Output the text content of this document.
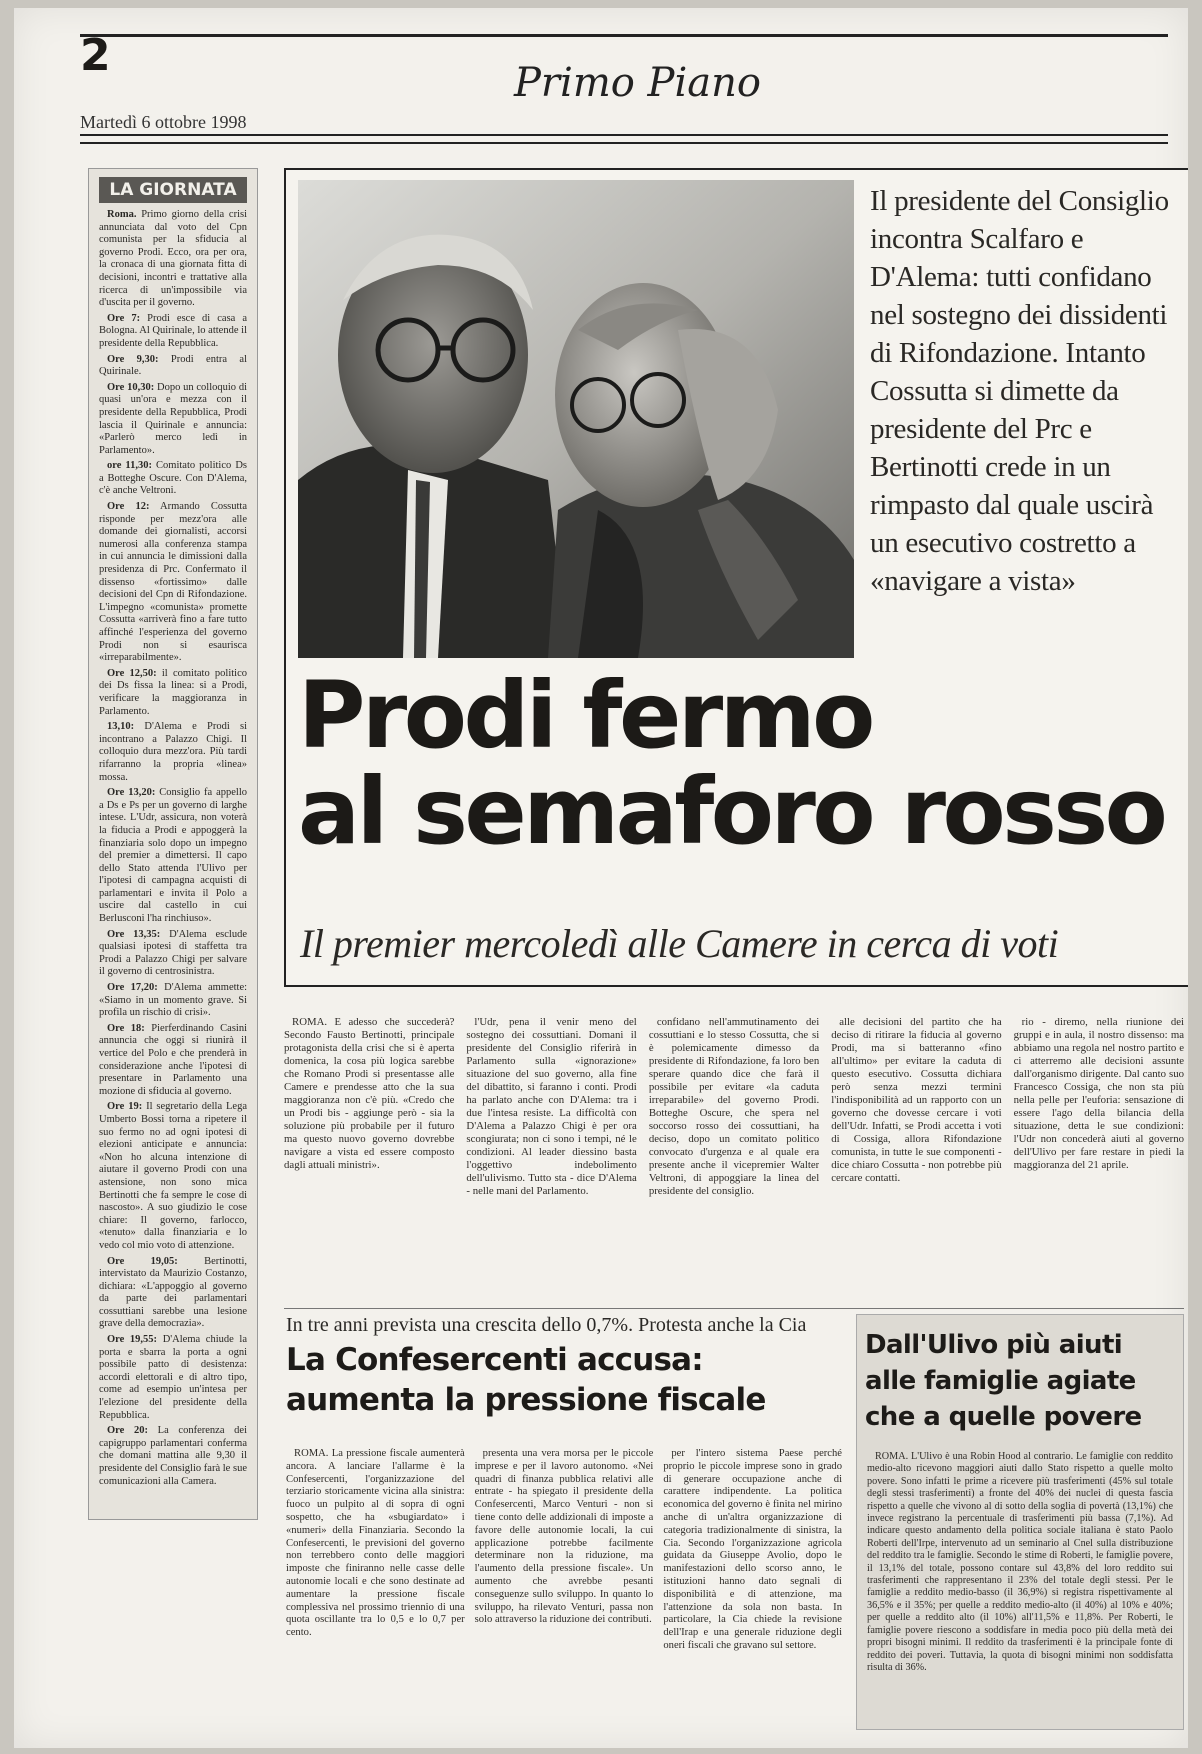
2
Primo Piano
Martedì 6 ottobre 1998
LA GIORNATA

Roma. Primo giorno della crisi annunciata dal voto del Cpn comunista per la sfiducia al governo Prodi. Ecco, ora per ora, la cronaca di una giornata fitta di decisioni, incontri e trattative alla ricerca di un'impossibile via d'uscita per il governo.

Ore 7: Prodi esce di casa a Bologna. Al Quirinale, lo attende il presidente della Repubblica.

Ore 9,30: Prodi entra al Quirinale.

Ore 10,30: Dopo un colloquio di quasi un'ora e mezza con il presidente della Repubblica, Prodi lascia il Quirinale e annuncia: «Parlerò merco ledì in Parlamento».

ore 11,30: Comitato politico Ds a Botteghe Oscure. Con D'Alema, c'è anche Veltroni.

Ore 12: Armando Cossutta risponde per mezz'ora alle domande dei giornalisti, accorsi numerosi alla conferenza stampa in cui annuncia le dimissioni dalla presidenza di Prc. Confermato il dissenso «fortissimo» dalle decisioni del Cpn di Rifondazione. L'impegno «comunista» promette Cossutta «arriverà fino a fare tutto affinché l'esperienza del governo Prodi non si esaurisca «irreparabilmente».

Ore 12,50: il comitato politico dei Ds fissa la linea: si a Prodi, verificare la maggioranza in Parlamento.

13,10: D'Alema e Prodi si incontrano a Palazzo Chigi. Il colloquio dura mezz'ora. Più tardi rifarranno la propria «linea» mossa.

Ore 13,20: Consiglio fa appello a Ds e Ps per un governo di larghe intese. L'Udr, assicura, non voterà la fiducia a Prodi e appoggerà la finanziaria solo dopo un impegno del premier a dimettersi. Il capo dello Stato attenda l'Ulivo per l'ipotesi di campagna acquisti di parlamentari e invita il Polo a uscire dal castello in cui Berlusconi l'ha rinchiuso».

Ore 13,35: D'Alema esclude qualsiasi ipotesi di staffetta tra Prodi a Palazzo Chigi per salvare il governo di centrosinistra.

Ore 17,20: D'Alema ammette: «Siamo in un momento grave. Si profila un rischio di crisi».

Ore 18: Pierferdinando Casini annuncia che oggi si riunirà il vertice del Polo e che prenderà in considerazione anche l'ipotesi di presentare in Parlamento una mozione di sfiducia al governo.

Ore 19: Il segretario della Lega Umberto Bossi torna a ripetere il suo fermo no ad ogni ipotesi di elezioni anticipate e annuncia: «Non ho alcuna intenzione di aiutare il governo Prodi con una astensione, non sono mica Bertinotti che fa sempre le cose di nascosto». A suo giudizio le cose chiare: Il governo, farlocco, «tenuto» dalla finanziaria e lo vedo col mio voto di attenzione.

Ore 19,05:	Bertinotti, intervistato da Maurizio Costanzo, dichiara: «L'appoggio al governo da parte dei parlamentari cossuttiani sarebbe una lesione grave della democrazia».

Ore 19,55: D'Alema chiude la porta e sbarra la porta a ogni possibile patto di desistenza: accordi elettorali e di altro tipo, come ad esempio un'intesa per l'elezione del presidente della Repubblica.

Ore 20: La conferenza dei capigruppo parlamentari conferma che domani mattina alle 9,30 il presidente del Consiglio farà le sue comunicazioni alla Camera.

Il presidente del Consiglio incontra Scalfaro e D'Alema: tutti confidano nel sostegno dei dissidenti di Rifondazione. Intanto Cossutta si dimette da presidente del Prc e Bertinotti crede in un rimpasto dal quale uscirà un esecutivo costretto a «navigare a vista»
Prodi fermo
al semaforo rosso
Il premier mercoledì alle Camere in cerca di voti

ROMA. E adesso che succederà? Secondo Fausto Bertinotti, principale protagonista della crisi che si è aperta domenica, la cosa più logica sarebbe che Romano Prodi si presentasse alle Camere e prendesse atto che la sua maggioranza non c'è più. «Credo che un Prodi bis - aggiunge però - sia la soluzione più probabile per il futuro ma questo nuovo governo dovrebbe navigare a vista ed essere composto dagli attuali ministri».

l'Udr, pena il venir meno del sostegno dei cossuttiani. Domani il presidente del Consiglio riferirà in Parlamento sulla «ignorazione» situazione del suo governo, alla fine del dibattito, si faranno i conti. Prodi ha parlato anche con D'Alema: tra i due l'intesa resiste. La difficoltà con D'Alema a Palazzo Chigi è per ora scongiurata; non ci sono i tempi, né le condizioni. Al leader diessino basta l'oggettivo indebolimento dell'ulivismo. Tutto sta - dice D'Alema - nelle mani del Parlamento.

confidano nell'ammutinamento dei cossuttiani e lo stesso Cossutta, che si è polemicamente dimesso da presidente di Rifondazione, fa loro ben sperare quando dice che farà il possibile per evitare «la caduta irreparabile» del governo Prodi. Botteghe Oscure, che spera nel soccorso rosso dei cossuttiani, ha deciso, dopo un comitato politico convocato d'urgenza e al quale era presente anche il vicepremier Walter Veltroni, di appoggiare la linea del presidente del consiglio.

alle decisioni del partito che ha deciso di ritirare la fiducia al governo Prodi, ma si batteranno «fino all'ultimo» per evitare la caduta di questo esecutivo. Cossutta dichiara però senza mezzi termini l'indisponibilità ad un rapporto con un governo che dovesse cercare i voti dell'Udr. Infatti, se Prodi accetta i voti di Cossiga, allora Rifondazione comunista, in tutte le sue componenti - dice chiaro Cossutta - non potrebbe più cercare contatti.

rio - diremo, nella riunione dei gruppi e in aula, il nostro dissenso: ma abbiamo una regola nel nostro partito e ci atterremo alle decisioni assunte dall'organismo dirigente. Dal canto suo Francesco Cossiga, che non sta più nella pelle per l'euforia: sensazione di essere l'ago della bilancia della situazione, detta le sue condizioni: l'Udr non concederà aiuti al governo dell'Ulivo per fare restare in piedi la maggioranza del 21 aprile.

In tre anni prevista una crescita dello 0,7%. Protesta anche la Cia
La Confesercenti accusa:
aumenta la pressione fiscale

ROMA. La pressione fiscale aumenterà ancora. A lanciare l'allarme è la Confesercenti, l'organizzazione del terziario storicamente vicina alla sinistra: fuoco un pulpito al di sopra di ogni sospetto, che ha «sbugiardato» i «numeri» della Finanziaria. Secondo la Confesercenti, le previsioni del governo non terrebbero conto delle maggiori imposte che finiranno nelle casse delle autonomie locali e che sono destinate ad aumentare la pressione fiscale complessiva nel prossimo triennio di una quota oscillante tra lo 0,5 e lo 0,7 per cento.

presenta una vera morsa per le piccole imprese e per il lavoro autonomo. «Nei quadri di finanza pubblica relativi alle entrate - ha spiegato il presidente della Confesercenti, Marco Venturi - non si tiene conto delle addizionali di imposte a favore delle autonomie locali, la cui applicazione potrebbe facilmente determinare non la riduzione, ma l'aumento della pressione fiscale». Un aumento che avrebbe pesanti conseguenze sullo sviluppo. In quanto lo sviluppo, ha rilevato Venturi, passa non solo attraverso la riduzione dei contributi.

per l'intero sistema Paese perché proprio le piccole imprese sono in grado di generare occupazione anche di carattere indipendente. La politica economica del governo è finita nel mirino anche di un'altra organizzazione di categoria tradizionalmente di sinistra, la Cia. Secondo l'organizzazione agricola guidata da Giuseppe Avolio, dopo le manifestazioni dello scorso anno, le istituzioni hanno dato segnali di disponibilità e di attenzione, ma l'attenzione da sola non basta. In particolare, la Cia chiede la revisione dell'Irap e una generale riduzione degli oneri fiscali che gravano sul settore.

Dall'Ulivo più aiuti
alle famiglie agiate
che a quelle povere

ROMA. L'Ulivo è una Robin Hood al contrario. Le famiglie con reddito medio-alto ricevono maggiori aiuti dallo Stato rispetto a quelle molto povere. Sono infatti le prime a ricevere più trasferimenti (45% sul totale degli stessi trasferimenti) a fronte del 40% dei nuclei di questa fascia rispetto a quelle che vivono al di sotto della soglia di povertà (13,1%) che invece registrano la percentuale di trasferimenti più bassa (7,1%). Ad indicare questo andamento della politica sociale italiana è stato Paolo Roberti dell'Irpe, intervenuto ad un seminario al Cnel sulla distribuzione del reddito tra le famiglie. Secondo le stime di Roberti, le famiglie povere, il 13,1% del totale, possono contare sul 43,8% del loro reddito sui trasferimenti che rappresentano il 23% del totale degli stessi. Per le famiglie a reddito medio-basso (il 36,9%) si registra rispettivamente al 36,5% e il 35%; per quelle a reddito medio-alto (il 40%) al 10% e 40%; per quelle a reddito alto (il 10%) all'11,5% e 11,8%. Per Roberti, le famiglie povere riescono a soddisfare in media poco più della metà dei propri bisogni minimi. Il reddito da trasferimenti è la principale fonte di reddito dei poveri. Tuttavia, la quota di bisogni minimi non soddisfatta risulta di 36%.
